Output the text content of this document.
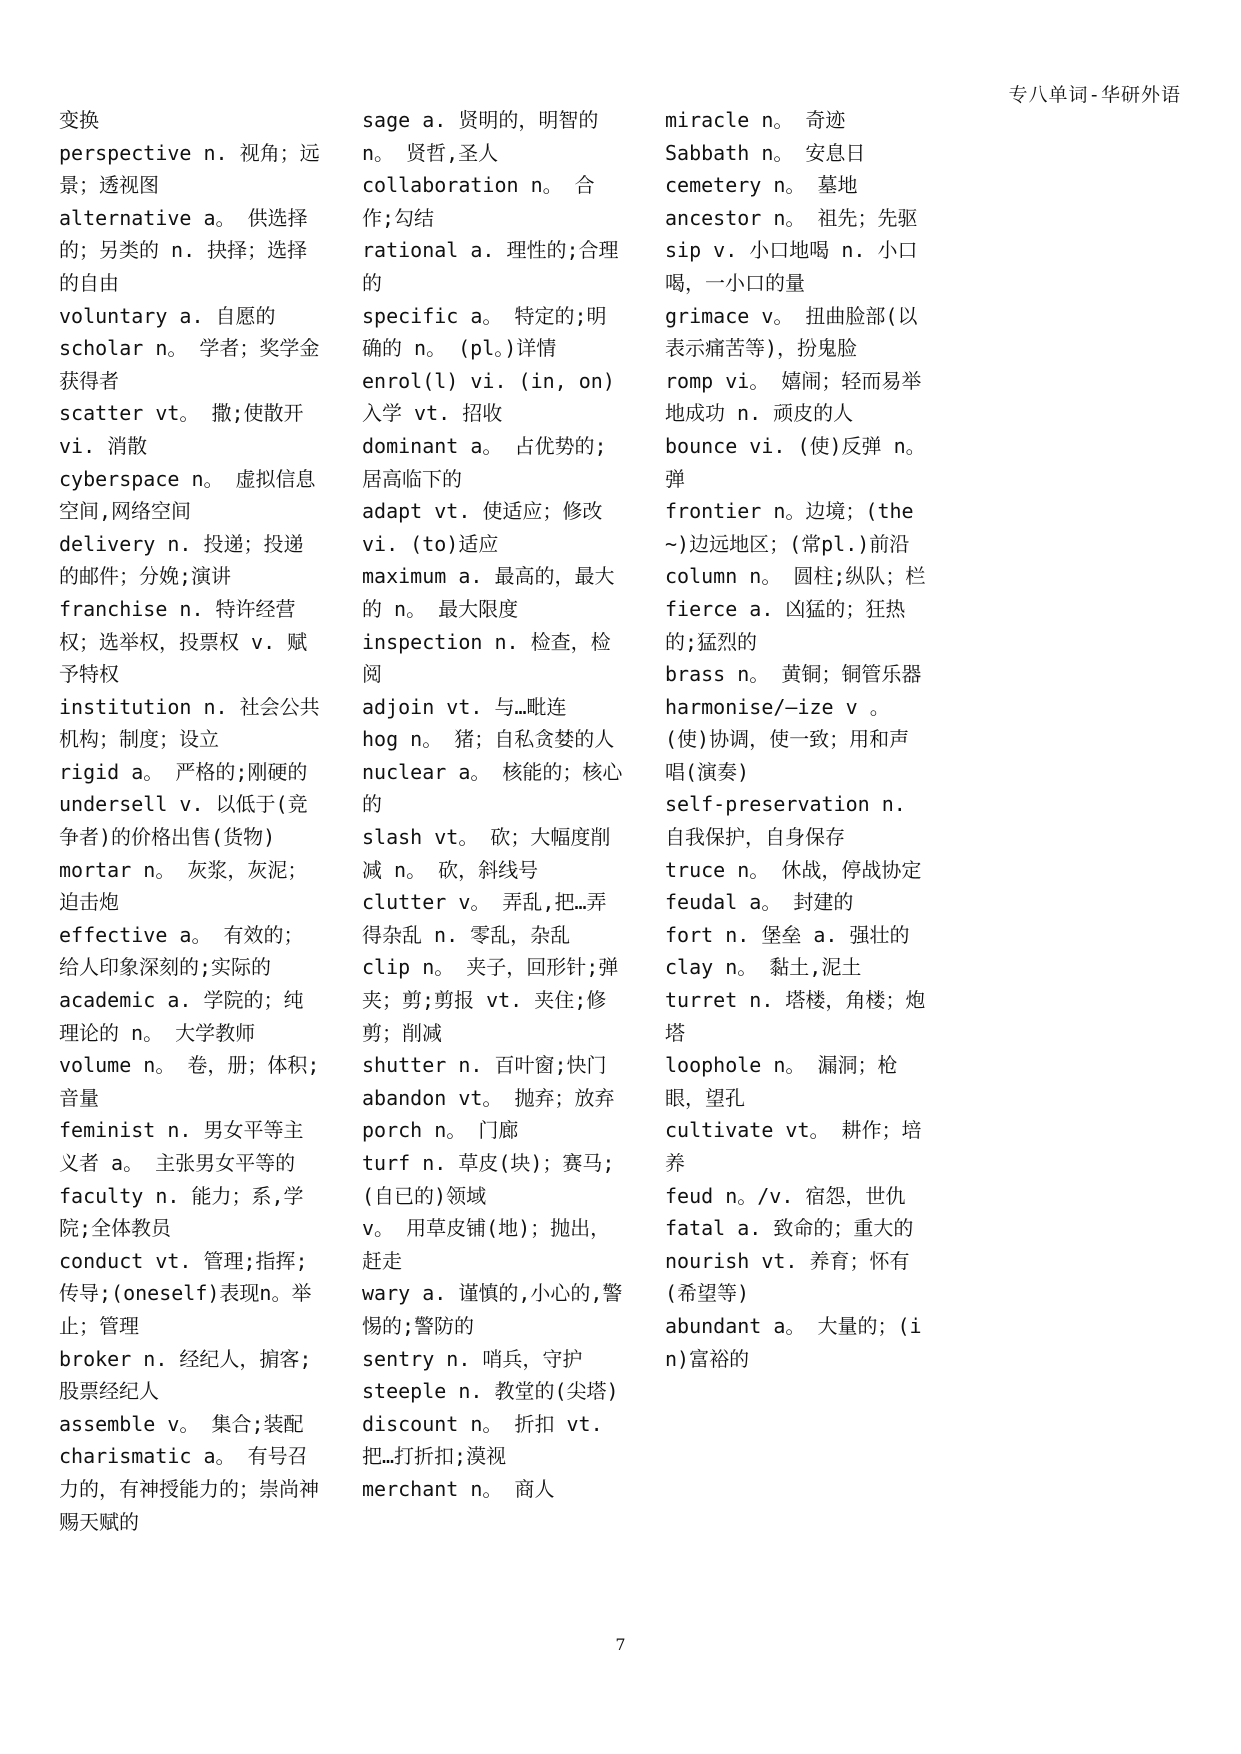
专八单词-华研外语

变换

perspective n. 视角；远景；透视图

alternative a。 供选择的；另类的 n. 抉择；选择的自由

voluntary a. 自愿的

scholar n。 学者；奖学金获得者

scatter vt。 撒;使散开 vi. 消散

cyberspace n。 虚拟信息空间,网络空间

delivery n. 投递；投递的邮件；分娩;演讲

franchise n. 特许经营权；选举权，投票权 v. 赋予特权

institution n. 社会公共机构；制度；设立

rigid a。 严格的;刚硬的

undersell v. 以低于(竞争者)的价格出售(货物)

mortar n。 灰浆，灰泥；迫击炮

effective a。 有效的；给人印象深刻的;实际的

academic a. 学院的；纯理论的 n。 大学教师

volume n。 卷，册；体积;音量

feminist n. 男女平等主义者 a。 主张男女平等的

faculty n. 能力；系,学院;全体教员

conduct vt. 管理;指挥;传导;(oneself)表现n。举止；管理

broker n. 经纪人，掮客;股票经纪人

assemble v。 集合;装配

charismatic a。 有号召力的，有神授能力的；崇尚神赐天赋的

sage a. 贤明的，明智的 n。 贤哲,圣人

collaboration n。 合作;勾结

rational a. 理性的;合理的

specific a。 特定的;明确的 n。 (pl。)详情

enrol(l) vi. (in, on)入学 vt. 招收

dominant a。 占优势的;居高临下的

adapt vt. 使适应；修改 vi. (to)适应

maximum a. 最高的，最大的 n。 最大限度

inspection n. 检查，检阅

adjoin vt. 与…毗连

hog n。 猪；自私贪婪的人

nuclear a。 核能的；核心的

slash vt。 砍；大幅度削减 n。 砍，斜线号

clutter v。 弄乱,把…弄得杂乱 n. 零乱，杂乱

clip n。 夹子，回形针;弹夹；剪;剪报 vt. 夹住;修剪；削减

shutter n. 百叶窗;快门

abandon vt。 抛弃；放弃

porch n。 门廊

turf n. 草皮(块)；赛马;(自已的)领域

v。 用草皮铺(地)；抛出，赶走

wary a. 谨慎的,小心的,警惕的;警防的

sentry n. 哨兵，守护

steeple n. 教堂的(尖塔)

discount n。 折扣 vt. 把…打折扣;漠视

merchant n。 商人

miracle n。 奇迹

Sabbath n。 安息日

cemetery n。 墓地

ancestor n。 祖先；先驱

sip v. 小口地喝 n. 小口喝，一小口的量

grimace v。 扭曲脸部(以表示痛苦等)，扮鬼脸

romp vi。 嬉闹；轻而易举地成功 n. 顽皮的人

bounce vi. (使)反弹 n。 弹

frontier n。边境；(the ~)边远地区；(常pl.)前沿

column n。 圆柱;纵队；栏

fierce a. 凶猛的；狂热的;猛烈的

brass n。 黄铜；铜管乐器

harmonise/—ize v 。 (使)协调，使一致；用和声唱(演奏)

self-preservation n. 自我保护，自身保存

truce n。 休战，停战协定

feudal a。 封建的

fort n. 堡垒 a. 强壮的

clay n。 黏土,泥土

turret n. 塔楼，角楼；炮塔

loophole n。 漏洞；枪眼，望孔

cultivate vt。 耕作；培养

feud n。/v. 宿怨，世仇

fatal a. 致命的；重大的

nourish vt. 养育；怀有(希望等)

abundant a。 大量的；(in)富裕的

7
